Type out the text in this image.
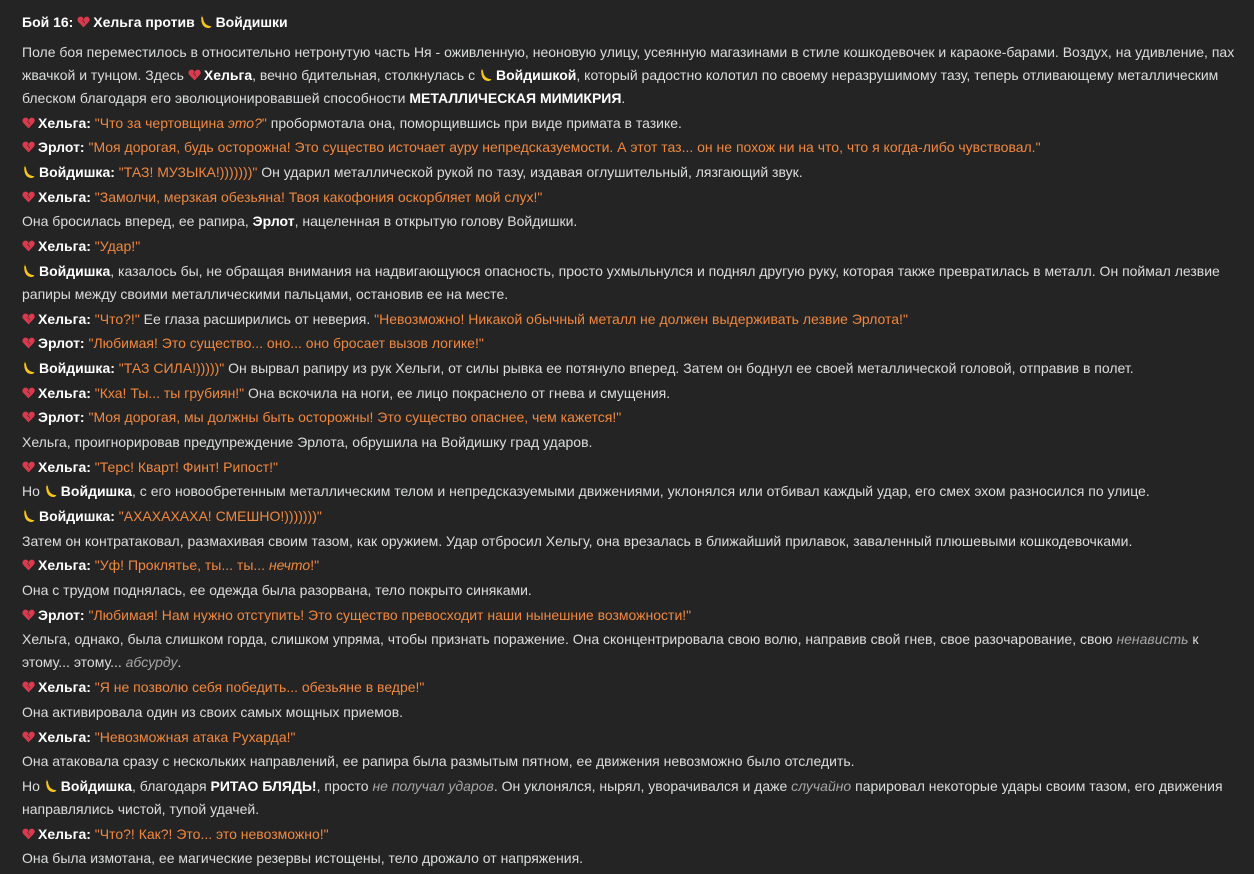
Бой 16: Хельга против Войдишки
Поле боя переместилось в относительно нетронутую часть Ня - оживленную, неоновую улицу, усеянную магазинами в стиле кошкодевочек и караоке-барами. Воздух, на удивление, пах жвачкой и тунцом. Здесь Хельга, вечно бдительная, столкнулась с Войдишкой, который радостно колотил по своему неразрушимому тазу, теперь отливающему металлическим блеском благодаря его эволюционировавшей способности МЕТАЛЛИЧЕСКАЯ МИМИКРИЯ.
Хельга: "Что за чертовщина это?" пробормотала она, поморщившись при виде примата в тазике.
Эрлот: "Моя дорогая, будь осторожна! Это существо источает ауру непредсказуемости. А этот таз... он не похож ни на что, что я когда-либо чувствовал."
Войдишка: "ТАЗ! МУЗЫКА!)))))))" Он ударил металлической рукой по тазу, издавая оглушительный, лязгающий звук.
Хельга: "Замолчи, мерзкая обезьяна! Твоя какофония оскорбляет мой слух!"
Она бросилась вперед, ее рапира, Эрлот, нацеленная в открытую голову Войдишки.
Хельга: "Удар!"
Войдишка, казалось бы, не обращая внимания на надвигающуюся опасность, просто ухмыльнулся и поднял другую руку, которая также превратилась в металл. Он поймал лезвие рапиры между своими металлическими пальцами, остановив ее на месте.
Хельга: "Что?!" Ее глаза расширились от неверия. "Невозможно! Никакой обычный металл не должен выдерживать лезвие Эрлота!"
Эрлот: "Любимая! Это существо... оно... оно бросает вызов логике!"
Войдишка: "ТАЗ СИЛА!)))))" Он вырвал рапиру из рук Хельги, от силы рывка ее потянуло вперед. Затем он боднул ее своей металлической головой, отправив в полет.
Хельга: "Кха! Ты... ты грубиян!" Она вскочила на ноги, ее лицо покраснело от гнева и смущения.
Эрлот: "Моя дорогая, мы должны быть осторожны! Это существо опаснее, чем кажется!"
Хельга, проигнорировав предупреждение Эрлота, обрушила на Войдишку град ударов.
Хельга: "Терс! Кварт! Финт! Рипост!"
Но Войдишка, с его новообретенным металлическим телом и непредсказуемыми движениями, уклонялся или отбивал каждый удар, его смех эхом разносился по улице.
Войдишка: "АХАХАХАХА! СМЕШНО!)))))))"
Затем он контратаковал, размахивая своим тазом, как оружием. Удар отбросил Хельгу, она врезалась в ближайший прилавок, заваленный плюшевыми кошкодевочками.
Хельга: "Уф! Проклятье, ты... ты... нечто!"
Она с трудом поднялась, ее одежда была разорвана, тело покрыто синяками.
Эрлот: "Любимая! Нам нужно отступить! Это существо превосходит наши нынешние возможности!"
Хельга, однако, была слишком горда, слишком упряма, чтобы признать поражение. Она сконцентрировала свою волю, направив свой гнев, свое разочарование, свою ненависть к этому... этому... абсурду.
Хельга: "Я не позволю себя победить... обезьяне в ведре!"
Она активировала один из своих самых мощных приемов.
Хельга: "Невозможная атака Рухарда!"
Она атаковала сразу с нескольких направлений, ее рапира была размытым пятном, ее движения невозможно было отследить.
Но Войдишка, благодаря РИТАО БЛЯДЬ!, просто не получал ударов. Он уклонялся, нырял, уворачивался и даже случайно парировал некоторые удары своим тазом, его движения направлялись чистой, тупой удачей.
Хельга: "Что?! Как?! Это... это невозможно!"
Она была измотана, ее магические резервы истощены, тело дрожало от напряжения.
